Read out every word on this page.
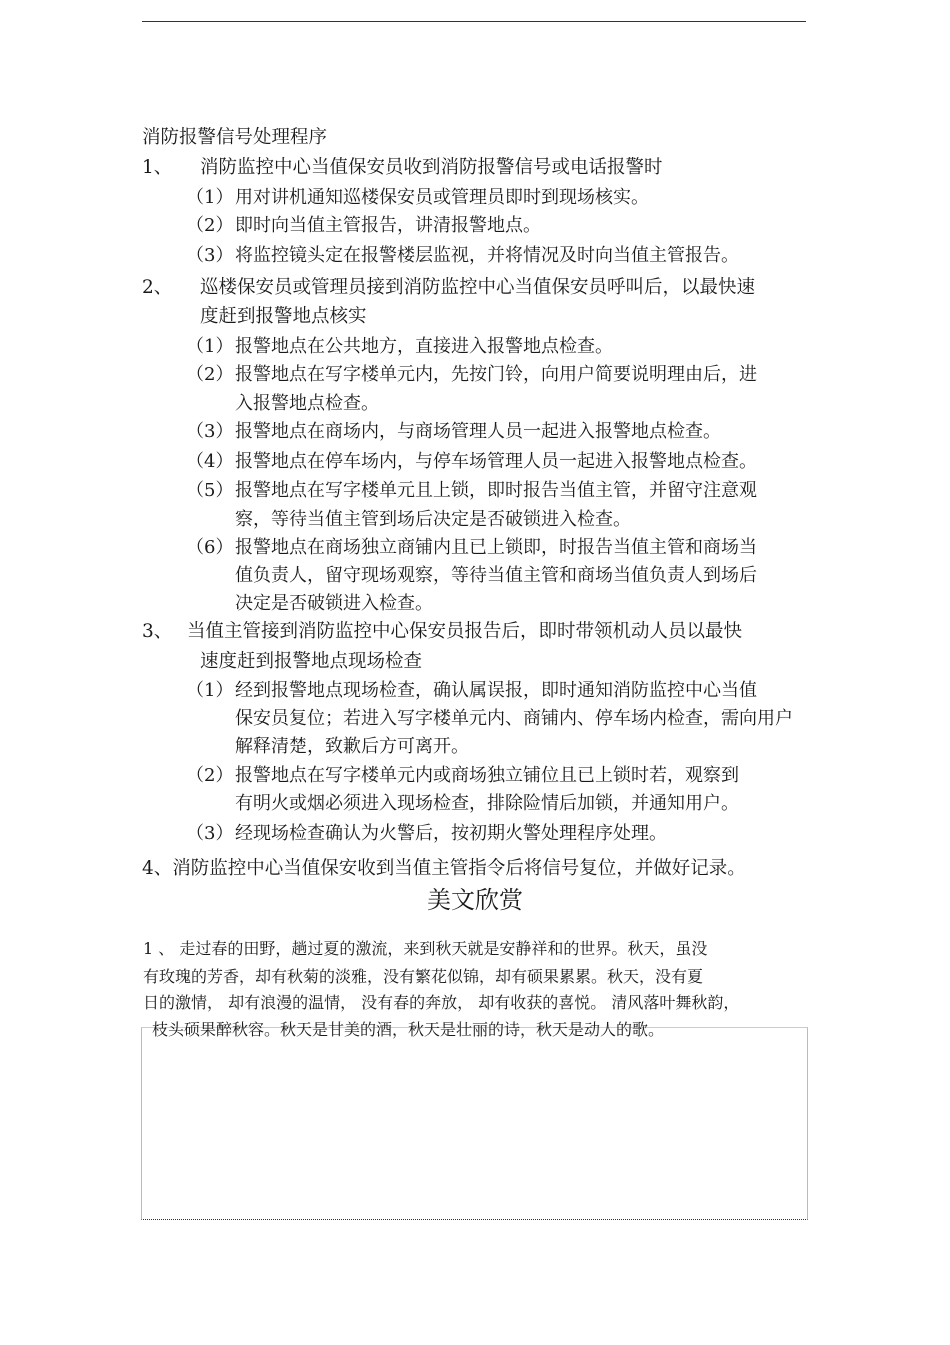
消防报警信号处理程序
1、 消防监控中心当值保安员收到消防报警信号或电话报警时
（1） 用对讲机通知巡楼保安员或管理员即时到现场核实。
（2） 即时向当值主管报告，讲清报警地点。
（3） 将监控镜头定在报警楼层监视，并将情况及时向当值主管报告。
2、 巡楼保安员或管理员接到消防监控中心当值保安员呼叫后，以最快速
度赶到报警地点核实
（1） 报警地点在公共地方，直接进入报警地点检查。
（2） 报警地点在写字楼单元内，先按门铃，向用户简要说明理由后，进
入报警地点检查。
（3） 报警地点在商场内，与商场管理人员一起进入报警地点检查。
（4） 报警地点在停车场内，与停车场管理人员一起进入报警地点检查。
（5） 报警地点在写字楼单元且上锁，即时报告当值主管，并留守注意观
察，等待当值主管到场后决定是否破锁进入检查。
（6） 报警地点在商场独立商铺内且已上锁即，时报告当值主管和商场当
值负责人，留守现场观察，等待当值主管和商场当值负责人到场后
决定是否破锁进入检查。
3、 当值主管接到消防监控中心保安员报告后，即时带领机动人员以最快
速度赶到报警地点现场检查
（1） 经到报警地点现场检查，确认属误报，即时通知消防监控中心当值
保安员复位；若进入写字楼单元内、商铺内、停车场内检查，需向用户
解释清楚，致歉后方可离开。
（2） 报警地点在写字楼单元内或商场独立铺位且已上锁时若，观察到
有明火或烟必须进入现场检查，排除险情后加锁，并通知用户。
（3） 经现场检查确认为火警后，按初期火警处理程序处理。
4、消防监控中心当值保安收到当值主管指令后将信号复位，并做好记录。
美文欣赏
1 、 走过春的田野，趟过夏的激流，来到秋天就是安静祥和的世界。秋天，虽没
有玫瑰的芳香，却有秋菊的淡雅，没有繁花似锦，却有硕果累累。秋天，没有夏
日的激情， 却有浪漫的温情， 没有春的奔放， 却有收获的喜悦。 清风落叶舞秋韵，
枝头硕果醉秋容。秋天是甘美的酒，秋天是壮丽的诗，秋天是动人的歌。
